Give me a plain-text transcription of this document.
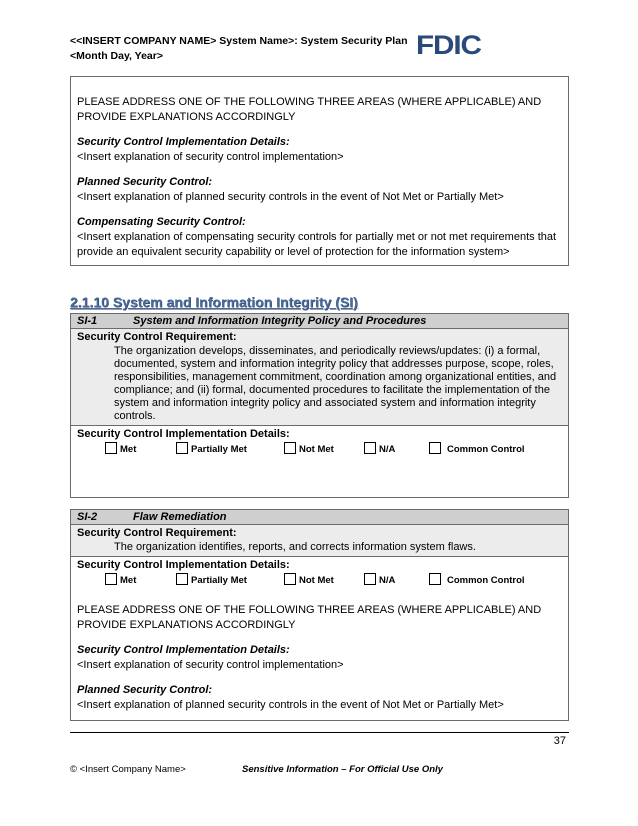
<<INSERT COMPANY NAME> System Name>: System Security Plan
<Month Day, Year>	FDIC

PLEASE ADDRESS ONE OF THE FOLLOWING THREE AREAS (WHERE APPLICABLE) AND PROVIDE EXPLANATIONS ACCORDINGLY

Security Control Implementation Details:

<Insert explanation of security control implementation>

Planned Security Control:

<Insert explanation of planned security controls in the event of Not Met or Partially Met>

Compensating Security Control:

<Insert explanation of compensating security controls for partially met or not met requirements that provide an equivalent security capability or level of protection for the information system>

2.1.10 System and Information Integrity (SI)
SI-1	System and Information Integrity Policy and Procedures
Security Control Requirement:
The organization develops, disseminates, and periodically reviews/updates: (i) a formal, documented, system and information integrity policy that addresses purpose, scope, roles, responsibilities, management commitment, coordination among organizational entities, and compliance; and (ii) formal, documented procedures to facilitate the implementation of the system and information integrity policy and associated system and information integrity controls.
Security Control Implementation Details:
Met	Partially Met	Not Met	N/A	Common Control
SI-2	Flaw Remediation
Security Control Requirement:
The organization identifies, reports, and corrects information system flaws.
Security Control Implementation Details:
Met	Partially Met	Not Met	N/A	Common Control

PLEASE ADDRESS ONE OF THE FOLLOWING THREE AREAS (WHERE APPLICABLE) AND PROVIDE EXPLANATIONS ACCORDINGLY

Security Control Implementation Details:

<Insert explanation of security control implementation>

Planned Security Control:

<Insert explanation of planned security controls in the event of Not Met or Partially Met>

37
© <Insert Company Name>	Sensitive Information – For Official Use Only
